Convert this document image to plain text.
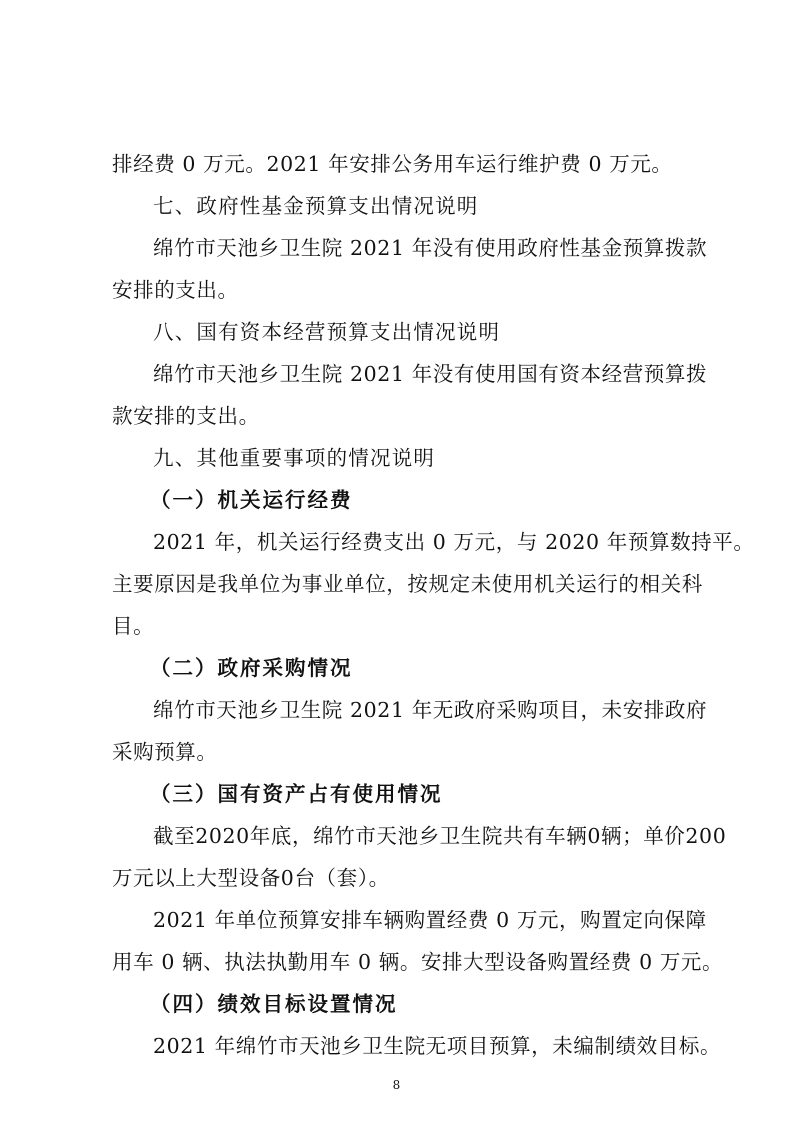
排经费 0 万元。2021 年安排公务用车运行维护费 0 万元。
七、政府性基金预算支出情况说明
绵竹市天池乡卫生院 2021 年没有使用政府性基金预算拨款
安排的支出。
八、国有资本经营预算支出情况说明
绵竹市天池乡卫生院 2021 年没有使用国有资本经营预算拨
款安排的支出。
九、其他重要事项的情况说明
（一）机关运行经费
2021 年，机关运行经费支出 0 万元，与 2020 年预算数持平。
主要原因是我单位为事业单位，按规定未使用机关运行的相关科
目。
（二）政府采购情况
绵竹市天池乡卫生院 2021 年无政府采购项目，未安排政府
采购预算。
（三）国有资产占有使用情况
截至2020年底，绵竹市天池乡卫生院共有车辆0辆；单价200
万元以上大型设备0台（套）。
2021 年单位预算安排车辆购置经费 0 万元，购置定向保障
用车 0 辆、执法执勤用车 0 辆。安排大型设备购置经费 0 万元。
（四）绩效目标设置情况
2021 年绵竹市天池乡卫生院无项目预算，未编制绩效目标。
8
